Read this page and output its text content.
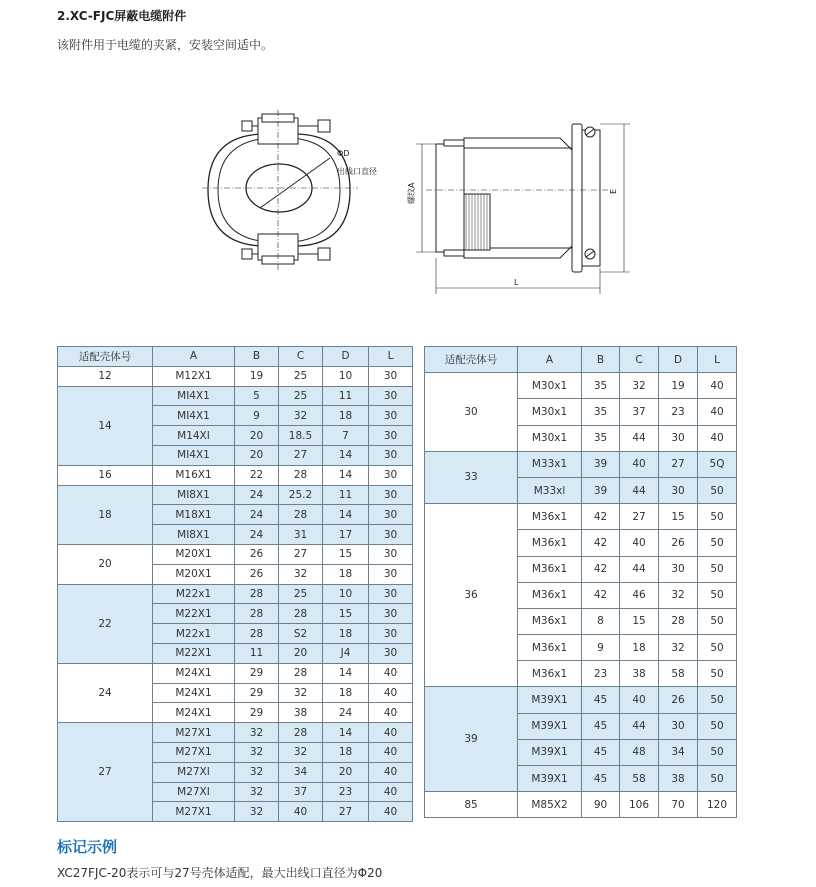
2.XC-FJC屏蔽电缆附件
该附件用于电缆的夹紧，安装空间适中。
ΦD
出线口直径
螺纹A	E
L
适配壳体号	A	B	C	D	L
12	M12X1	19	25	10	30
14	MI4X1	5	25	11	30
	MI4X1	9	32	18	30
	M14XI	20	18.5	7	30
	MI4X1	20	27	14	30
16	M16X1	22	28	14	30
18	MI8X1	24	25.2	11	30
	M18X1	24	28	14	30
	MI8X1	24	31	17	30
20	M20X1	26	27	15	30
	M20X1	26	32	18	30
22	M22x1	28	25	10	30
	M22X1	28	28	15	30
	M22x1	28	S2	18	30
	M22X1	11	20	J4	30
24	M24X1	29	28	14	40
	M24X1	29	32	18	40
	M24X1	29	38	24	40
27	M27X1	32	28	14	40
	M27X1	32	32	18	40
	M27XI	32	34	20	40
	M27XI	32	37	23	40
	M27X1	32	40	27	40
适配壳体号	A	B	C	D	L
30	M30x1	35	32	19	40
	M30x1	35	37	23	40
	M30x1	35	44	30	40
33	M33x1	39	40	27	5Q
	M33xl	39	44	30	50
36	M36x1	42	27	15	50
	M36x1	42	40	26	50
	M36x1	42	44	30	50
	M36x1	42	46	32	50
	M36x1	8	15	28	50
	M36x1	9	18	32	50
	M36x1	23	38	58	50
39	M39X1	45	40	26	50
	M39X1	45	44	30	50
	M39X1	45	48	34	50
	M39X1	45	58	38	50
85	M85X2	90	106	70	120
标记示例
XC27FJC-20表示可与27号壳体适配，最大出线口直径为Φ20
